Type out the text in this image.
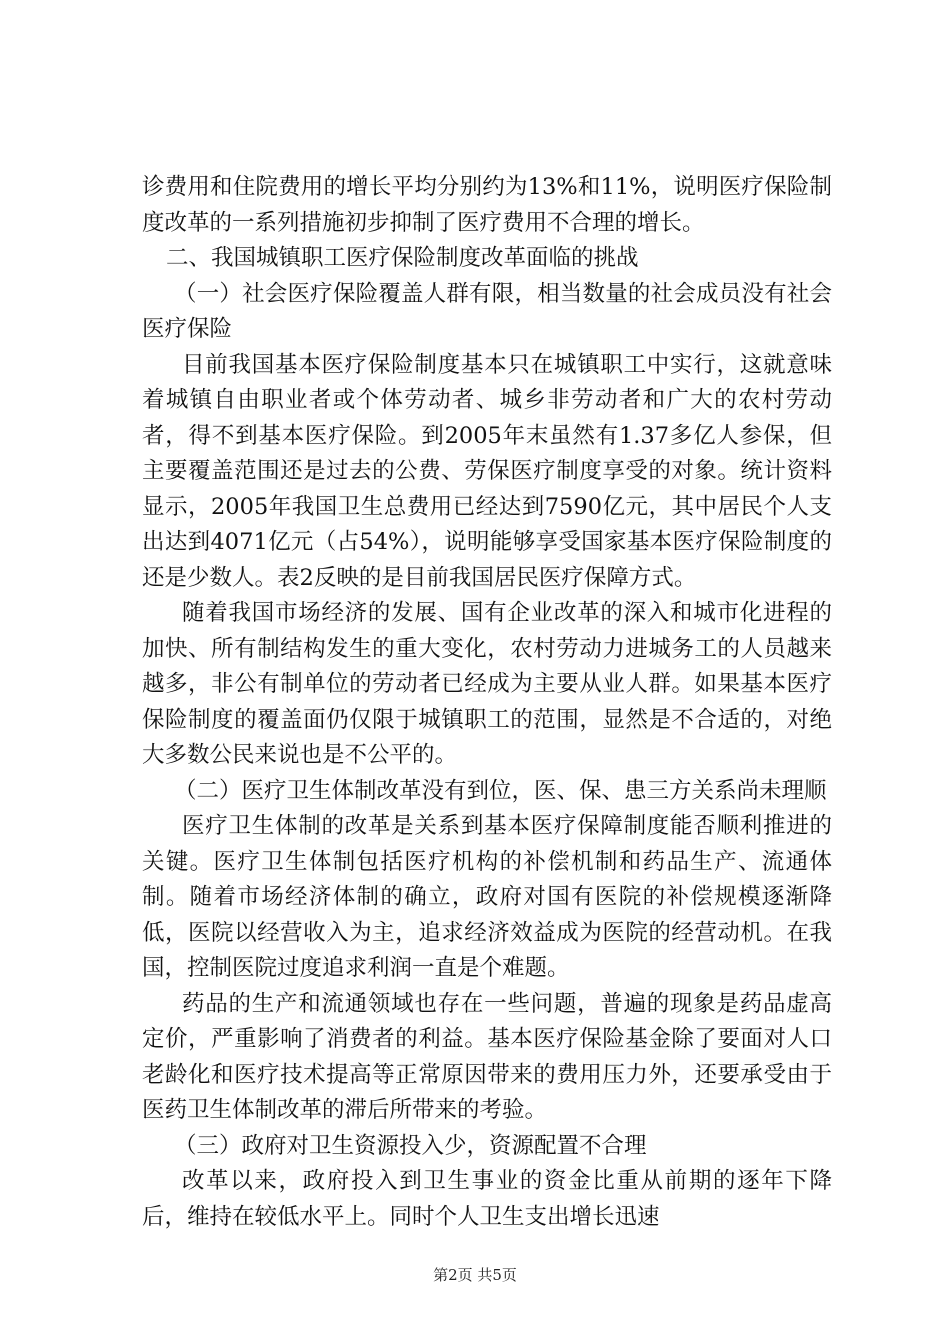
诊费用和住院费用的增长平均分别约为13%和11%，说明医疗保险制度改革的一系列措施初步抑制了医疗费用不合理的增长。

二、我国城镇职工医疗保险制度改革面临的挑战

（一）社会医疗保险覆盖人群有限，相当数量的社会成员没有社会医疗保险

目前我国基本医疗保险制度基本只在城镇职工中实行，这就意味着城镇自由职业者或个体劳动者、城乡非劳动者和广大的农村劳动者，得不到基本医疗保险。到2005年末虽然有1.37多亿人参保，但主要覆盖范围还是过去的公费、劳保医疗制度享受的对象。统计资料显示，2005年我国卫生总费用已经达到7590亿元，其中居民个人支出达到4071亿元（占54%），说明能够享受国家基本医疗保险制度的还是少数人。表2反映的是目前我国居民医疗保障方式。

随着我国市场经济的发展、国有企业改革的深入和城市化进程的加快、所有制结构发生的重大变化，农村劳动力进城务工的人员越来越多，非公有制单位的劳动者已经成为主要从业人群。如果基本医疗保险制度的覆盖面仍仅限于城镇职工的范围，显然是不合适的，对绝大多数公民来说也是不公平的。

（二）医疗卫生体制改革没有到位，医、保、患三方关系尚未理顺

医疗卫生体制的改革是关系到基本医疗保障制度能否顺利推进的关键。医疗卫生体制包括医疗机构的补偿机制和药品生产、流通体制。随着市场经济体制的确立，政府对国有医院的补偿规模逐渐降低，医院以经营收入为主，追求经济效益成为医院的经营动机。在我国，控制医院过度追求利润一直是个难题。

药品的生产和流通领域也存在一些问题，普遍的现象是药品虚高定价，严重影响了消费者的利益。基本医疗保险基金除了要面对人口老龄化和医疗技术提高等正常原因带来的费用压力外，还要承受由于医药卫生体制改革的滞后所带来的考验。

（三）政府对卫生资源投入少，资源配置不合理

改革以来，政府投入到卫生事业的资金比重从前期的逐年下降后，维持在较低水平上。同时个人卫生支出增长迅速

第2页 共5页
